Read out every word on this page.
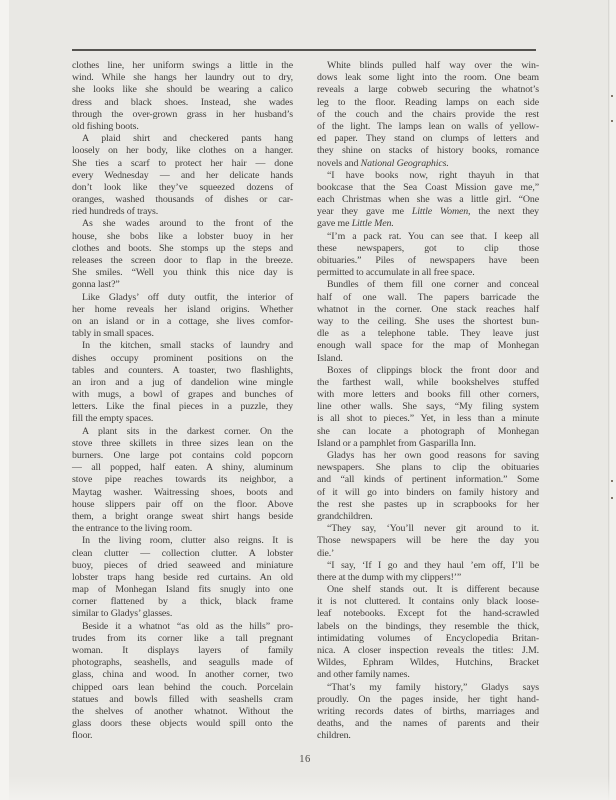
clothes line, her uniform swings a little in the
wind. While she hangs her laundry out to dry,
she looks like she should be wearing a calico
dress and black shoes. Instead, she wades
through the over-grown grass in her husband’s
old fishing boots.
A plaid shirt and checkered pants hang
loosely on her body, like clothes on a hanger.
She ties a scarf to protect her hair — done
every Wednesday — and her delicate hands
don’t look like they’ve squeezed dozens of
oranges, washed thousands of dishes or car-
ried hundreds of trays.
As she wades around to the front of the
house, she bobs like a lobster buoy in her
clothes and boots. She stomps up the steps and
releases the screen door to flap in the breeze.
She smiles. “Well you think this nice day is
gonna last?”
Like Gladys’ off duty outfit, the interior of
her home reveals her island origins. Whether
on an island or in a cottage, she lives comfor-
tably in small spaces.
In the kitchen, small stacks of laundry and
dishes occupy prominent positions on the
tables and counters. A toaster, two flashlights,
an iron and a jug of dandelion wine mingle
with mugs, a bowl of grapes and bunches of
letters. Like the final pieces in a puzzle, they
fill the empty spaces.
A plant sits in the darkest corner. On the
stove three skillets in three sizes lean on the
burners. One large pot contains cold popcorn
— all popped, half eaten. A shiny, aluminum
stove pipe reaches towards its neighbor, a
Maytag washer. Waitressing shoes, boots and
house slippers pair off on the floor. Above
them, a bright orange sweat shirt hangs beside
the entrance to the living room.
In the living room, clutter also reigns. It is
clean clutter — collection clutter. A lobster
buoy, pieces of dried seaweed and miniature
lobster traps hang beside red curtains. An old
map of Monhegan Island fits snugly into one
corner flattened by a thick, black frame
similar to Gladys’ glasses.
Beside it a whatnot “as old as the hills” pro-
trudes from its corner like a tall pregnant
woman. It displays layers of family
photographs, seashells, and seagulls made of
glass, china and wood. In another corner, two
chipped oars lean behind the couch. Porcelain
statues and bowls filled with seashells cram
the shelves of another whatnot. Without the
glass doors these objects would spill onto the
floor.
White blinds pulled half way over the win-
dows leak some light into the room. One beam
reveals a large cobweb securing the whatnot’s
leg to the floor. Reading lamps on each side
of the couch and the chairs provide the rest
of the light. The lamps lean on walls of yellow-
ed paper. They stand on clumps of letters and
they shine on stacks of history books, romance
novels and National Geographics.
“I have books now, right thayuh in that
bookcase that the Sea Coast Mission gave me,”
each Christmas when she was a little girl. “One
year they gave me Little Women, the next they
gave me Little Men.
“I’m a pack rat. You can see that. I keep all
these newspapers, got to clip those
obituaries.” Piles of newspapers have been
permitted to accumulate in all free space.
Bundles of them fill one corner and conceal
half of one wall. The papers barricade the
whatnot in the corner. One stack reaches half
way to the ceiling. She uses the shortest bun-
dle as a telephone table. They leave just
enough wall space for the map of Monhegan
Island.
Boxes of clippings block the front door and
the farthest wall, while bookshelves stuffed
with more letters and books fill other corners,
line other walls. She says, “My filing system
is all shot to pieces.” Yet, in less than a minute
she can locate a photograph of Monhegan
Island or a pamphlet from Gasparilla Inn.
Gladys has her own good reasons for saving
newspapers. She plans to clip the obituaries
and “all kinds of pertinent information.” Some
of it will go into binders on family history and
the rest she pastes up in scrapbooks for her
grandchildren.
“They say, ‘You’ll never git around to it.
Those newspapers will be here the day you
die.’
“I say, ‘If I go and they haul ’em off, I’ll be
there at the dump with my clippers!’”
One shelf stands out. It is different because
it is not cluttered. It contains only black loose-
leaf notebooks. Except fot the hand-scrawled
labels on the bindings, they resemble the thick,
intimidating volumes of Encyclopedia Britan-
nica. A closer inspection reveals the titles: J.M.
Wildes, Ephram Wildes, Hutchins, Bracket
and other family names.
“That’s my family history,” Gladys says
proudly. On the pages inside, her tight hand-
writing records dates of births, marriages and
deaths, and the names of parents and their
children.
16
